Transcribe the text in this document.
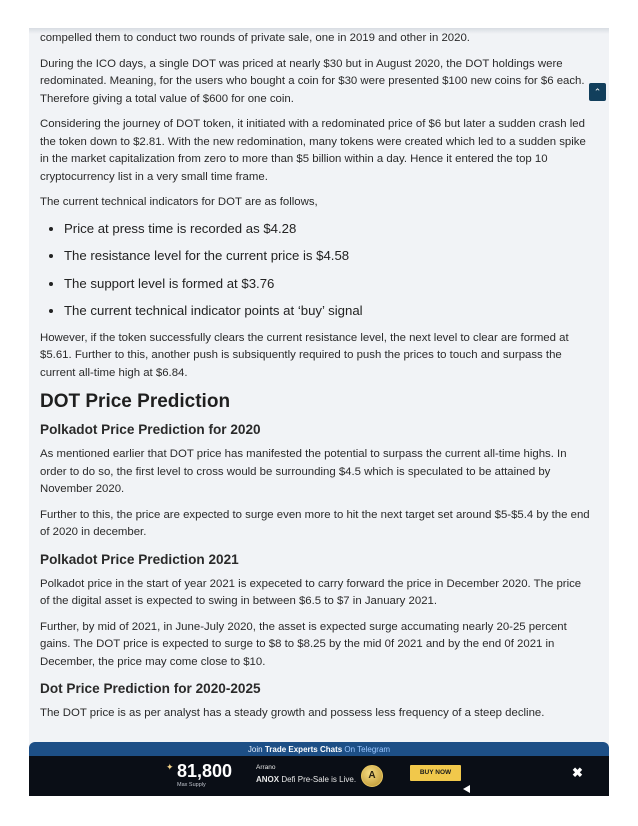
compelled them to conduct two rounds of private sale, one in 2019 and other in 2020.

During the ICO days, a single DOT was priced at nearly $30 but in August 2020, the DOT holdings were redominated. Meaning, for the users who bought a coin for $30 were presented $100 new coins for $6 each. Therefore giving a total value of $600 for one coin.

Considering the journey of DOT token, it initiated with a redominated price of $6 but later a sudden crash led the token down to $2.81. With the new redomination, many tokens were created which led to a sudden spike in the market capitalization from zero to more than $5 billion within a day. Hence it entered the top 10 cryptocurrency list in a very small time frame.

The current technical indicators for DOT are as follows,

• Price at press time is recorded as $4.28
• The resistance level for the current price is $4.58
• The support level is formed at $3.76
• The current technical indicator points at ‘buy’ signal

However, if the token successfully clears the current resistance level, the next level to clear are formed at $5.61. Further to this, another push is subsiquently required to push the prices to touch and surpass the current all-time high at $6.84.

DOT Price Prediction
Polkadot Price Prediction for 2020

As mentioned earlier that DOT price has manifested the potential to surpass the current all-time highs. In order to do so, the first level to cross would be surrounding $4.5 which is speculated to be attained by November 2020.

Further to this, the price are expected to surge even more to hit the next target set around $5-$5.4 by the end of 2020 in december.

Polkadot Price Prediction 2021

Polkadot price in the start of year 2021 is expeceted to carry forward the price in December 2020. The price of the digital asset is expected to swing in between $6.5 to $7 in January 2021.

Further, by mid of 2021, in June-July 2020, the asset is expected surge accumating nearly 20-25 percent gains. The DOT price is expected to surge to $8 to $8.25 by the mid 0f 2021 and by the end 0f 2021 in December, the price may come close to $10.

Dot Price Prediction for 2020-2025

The DOT price is as per analyst has a steady growth and possess less frequency of a steep decline.

⌃
Join Trade Experts Chats On Telegram
✦ 81,800
Max Supply
Arrano
ANOX Defi Pre-Sale is Live.	A	BUY NOW	✖
